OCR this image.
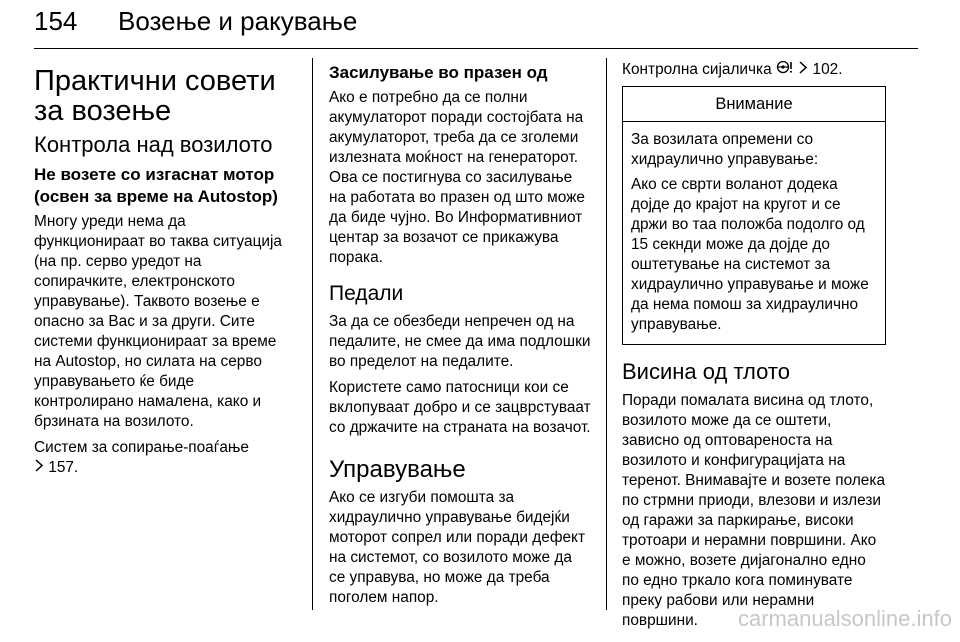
154 Возење и ракување
Практични совети за возење
Контрола над возилото
Не возете со изгаснат мотор (освен за време на Autostop)
Многу уреди нема да функционираат во таква ситуација (на пр. серво уредот на сопирачките, електронското управување). Таквото возење е опасно за Вас и за други. Сите системи функционираат за време на Autostop, но силата на серво управувањето ќе биде контролирано намалена, како и брзината на возилото.
Систем за сопирање-поаѓање
157.
Засилување во празен од
Ако е потребно да се полни акумулаторот поради состојбата на акумулаторот, треба да се зголеми излезната моќност на генераторот. Ова се постигнува со засилување на работата во празен од што може да биде чујно. Во Информативниот центар за возачот се прикажува порака.
Педали
За да се обезбеди непречен од на педалите, не смее да има подлошки во пределот на педалите.
Користете само патосници кои се вклопуваат добро и се зацврстуваат со држачите на страната на возачот.
Управување
Ако се изгуби помошта за хидраулично управување бидејќи моторот сопрел или поради дефект на системот, со возилото може да се управува, но може да треба поголем напор.
Контролна сијаличка	102.
Внимание
За возилата опремени со хидраулично управување:
Ако се сврти воланот додека дојде до крајот на кругот и се држи во таа положба подолго од 15 секнди може да дојде до оштетување на системот за хидраулично управување и може да нема помош за хидраулично управување.
Висина од тлото
Поради помалата висина од тлото, возилото може да се оштети, зависно од оптовареноста на возилото и конфигурацијата на теренот. Внимавајте и возете полека по стрмни приоди, влезови и излези од гаражи за паркирање, високи тротоари и нерамни површини. Ако е можно, возете дијагонално едно по едно тркало кога поминувате преку рабови или нерамни површини.	carmanualsonline.info
